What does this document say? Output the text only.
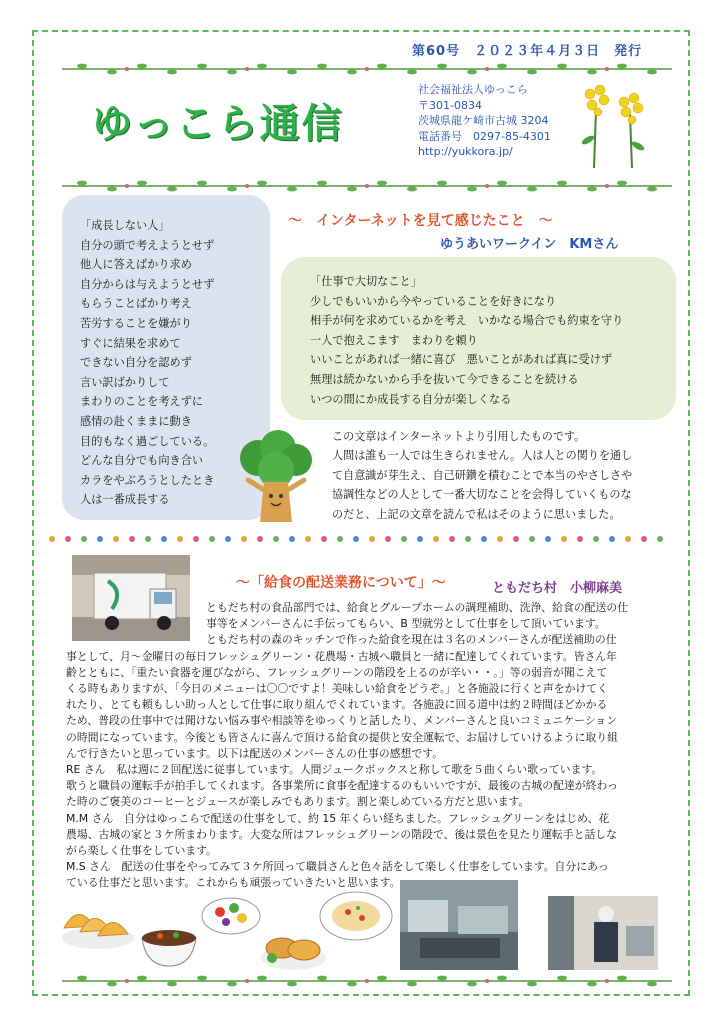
第60号　２０２３年４月３日　発行
ゆっこら通信
社会福祉法人ゆっこら
〒301-0834
茨城県龍ケ崎市古城 3204
電話番号　0297-85-4301
http://yukkora.jp/
「成長しない人」
自分の頭で考えようとせず
他人に答えばかり求め
自分からは与えようとせず
もらうことばかり考え
苦労することを嫌がり
すぐに結果を求めて
できない自分を認めず
言い訳ばかりして
まわりのことを考えずに
感情の赴くままに動き
目的もなく過ごしている。
どんな自分でも向き合い
カラをやぶろうとしたとき
人は一番成長する
～　インターネットを見て感じたこと　～
ゆうあいワークイン　KMさん
「仕事で大切なこと」
少しでもいいから今やっていることを好きになり
相手が何を求めているかを考え　いかなる場合でも約束を守り
一人で抱えこます　まわりを頼り
いいことがあれば一緒に喜び　悪いことがあれば真に受けず
無理は続かないから手を抜いて今できることを続ける
いつの間にか成長する自分が楽しくなる
この文章はインターネットより引用したものです。
人間は誰も一人では生きられません。人は人との関りを通し
て自意識が芽生え、自己研鑽を積むことで本当のやさしさや
協調性などの人として一番大切なことを会得していくものな
のだと、上記の文章を読んで私はそのように思いました。
～「給食の配送業務について」～	ともだち村　小柳麻美
ともだち村の食品部門では、給食とグループホームの調理補助、洗浄、給食の配送の仕
事等をメンバーさんに手伝ってもらい、B 型就労として仕事をして頂いています。
ともだち村の森のキッチンで作った給食を現在は３名のメンバーさんが配送補助の仕
事として、月～金曜日の毎日フレッシュグリーン・花農場・古城へ職員と一緒に配達してくれています。皆さん年
齢とともに、「重たい食器を運びながら、フレッシュグリーンの階段を上るのが辛い・・。」等の弱音が聞こえて
くる時もありますが、「今日のメニューは〇〇ですよ！美味しい給食をどうぞ。」と各施設に行くと声をかけてく
れたり、とても頼もしい助っ人として仕事に取り組んでくれています。各施設に回る道中は約２時間ほどかかる
ため、普段の仕事中では聞けない悩み事や相談等をゆっくりと話したり、メンバーさんと良いコミュニケーション
の時間になっています。今後とも皆さんに喜んで頂ける給食の提供と安全運転で、お届けしていけるように取り組
んで行きたいと思っています。以下は配送のメンバーさんの仕事の感想です。
RE さん　私は週に２回配送に従事しています。人間ジュークボックスと称して歌を５曲くらい歌っています。
歌うと職員の運転手が拍手してくれます。各事業所に食事を配達するのもいいですが、最後の古城の配達が終わっ
た時のご褒美のコーヒーとジュースが楽しみでもあります。割と楽しめている方だと思います。
M.M さん　自分はゆっこらで配送の仕事をして、約 15 年くらい経ちました。フレッシュグリーンをはじめ、花
農場、古城の家と３ケ所まわります。大変な所はフレッシュグリーンの階段で、後は景色を見たり運転手と話しな
がら楽しく仕事をしています。
M.S さん　配送の仕事をやってみて３ケ所回って職員さんと色々話をして楽しく仕事をしています。自分にあっ
ている仕事だと思います。これからも頑張っていきたいと思います。
